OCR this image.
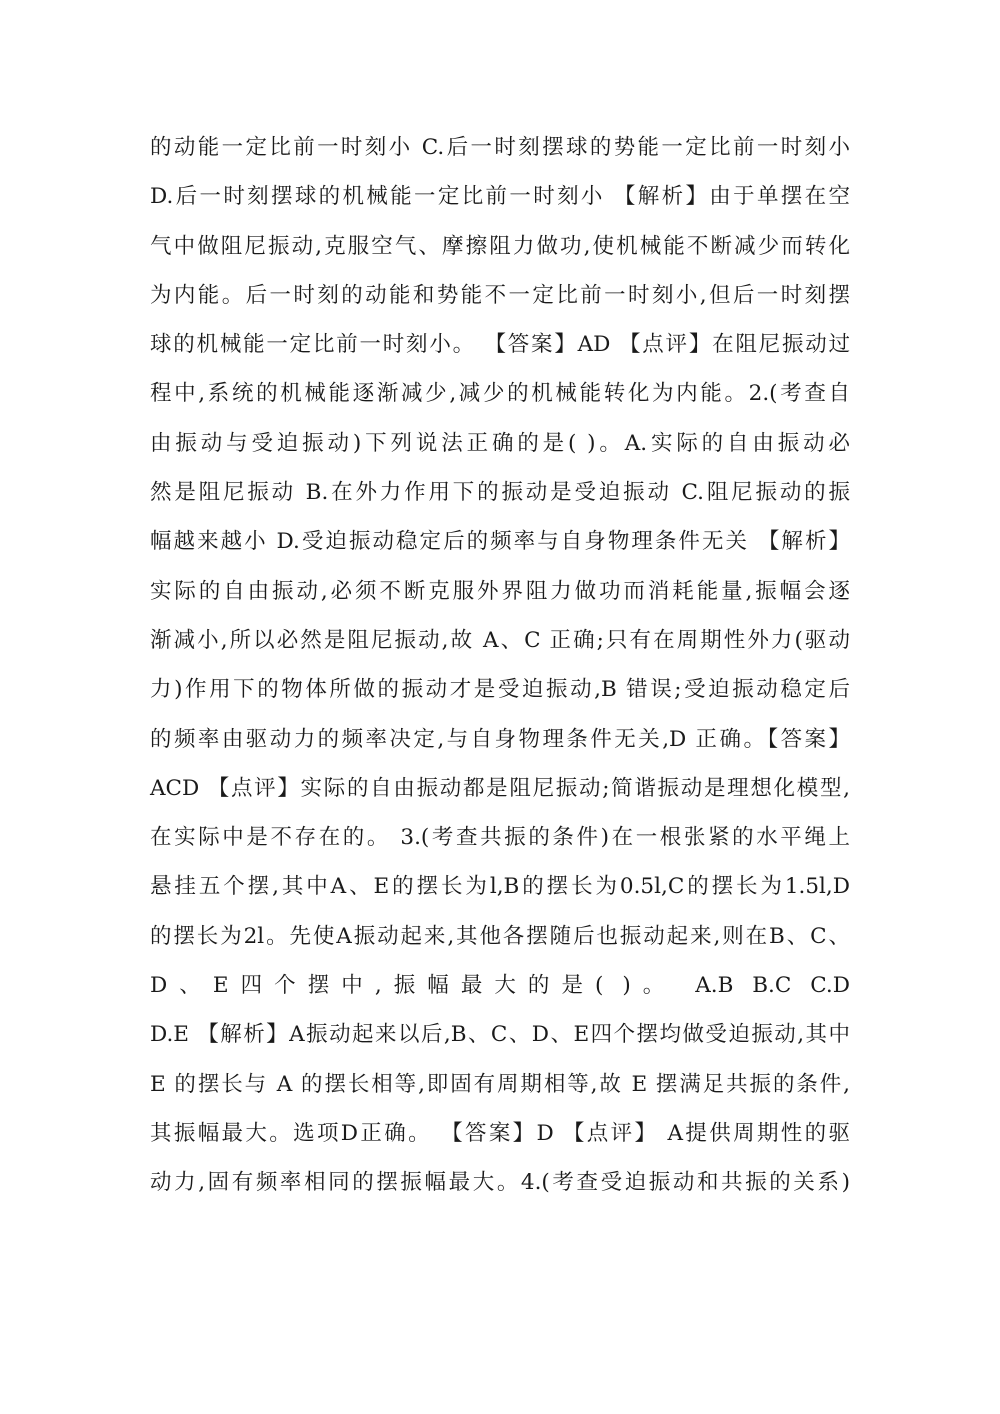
的动能一定比前一时刻小 C.后一时刻摆球的势能一定比前一时刻小
D.后一时刻摆球的机械能一定比前一时刻小 【解析】由于单摆在空
气中做阻尼振动,克服空气、摩擦阻力做功,使机械能不断减少而转化
为内能。后一时刻的动能和势能不一定比前一时刻小,但后一时刻摆
球的机械能一定比前一时刻小。 【答案】AD 【点评】在阻尼振动过
程中,系统的机械能逐渐减少,减少的机械能转化为内能。2.(考查自
由振动与受迫振动)下列说法正确的是( )。A.实际的自由振动必
然是阻尼振动 B.在外力作用下的振动是受迫振动 C.阻尼振动的振
幅越来越小 D.受迫振动稳定后的频率与自身物理条件无关 【解析】
实际的自由振动,必须不断克服外界阻力做功而消耗能量,振幅会逐
渐减小,所以必然是阻尼振动,故 A、C 正确;只有在周期性外力(驱动
力)作用下的物体所做的振动才是受迫振动,B 错误;受迫振动稳定后
的频率由驱动力的频率决定,与自身物理条件无关,D 正确。【答案】
ACD 【点评】实际的自由振动都是阻尼振动;简谐振动是理想化模型,
在实际中是不存在的。 3.(考查共振的条件)在一根张紧的水平绳上
悬挂五个摆,其中A、E的摆长为l,B的摆长为0.5l,C的摆长为1.5l,D
的摆长为2l。先使A振动起来,其他各摆随后也振动起来,则在B、C、
D、E四个摆中,振幅最大的是( )。 A.B B.C C.D
D.E 【解析】A振动起来以后,B、C、D、E四个摆均做受迫振动,其中
E 的摆长与 A 的摆长相等,即固有周期相等,故 E 摆满足共振的条件,
其振幅最大。选项D正确。 【答案】D 【点评】 A提供周期性的驱
动力,固有频率相同的摆振幅最大。4.(考查受迫振动和共振的关系)
